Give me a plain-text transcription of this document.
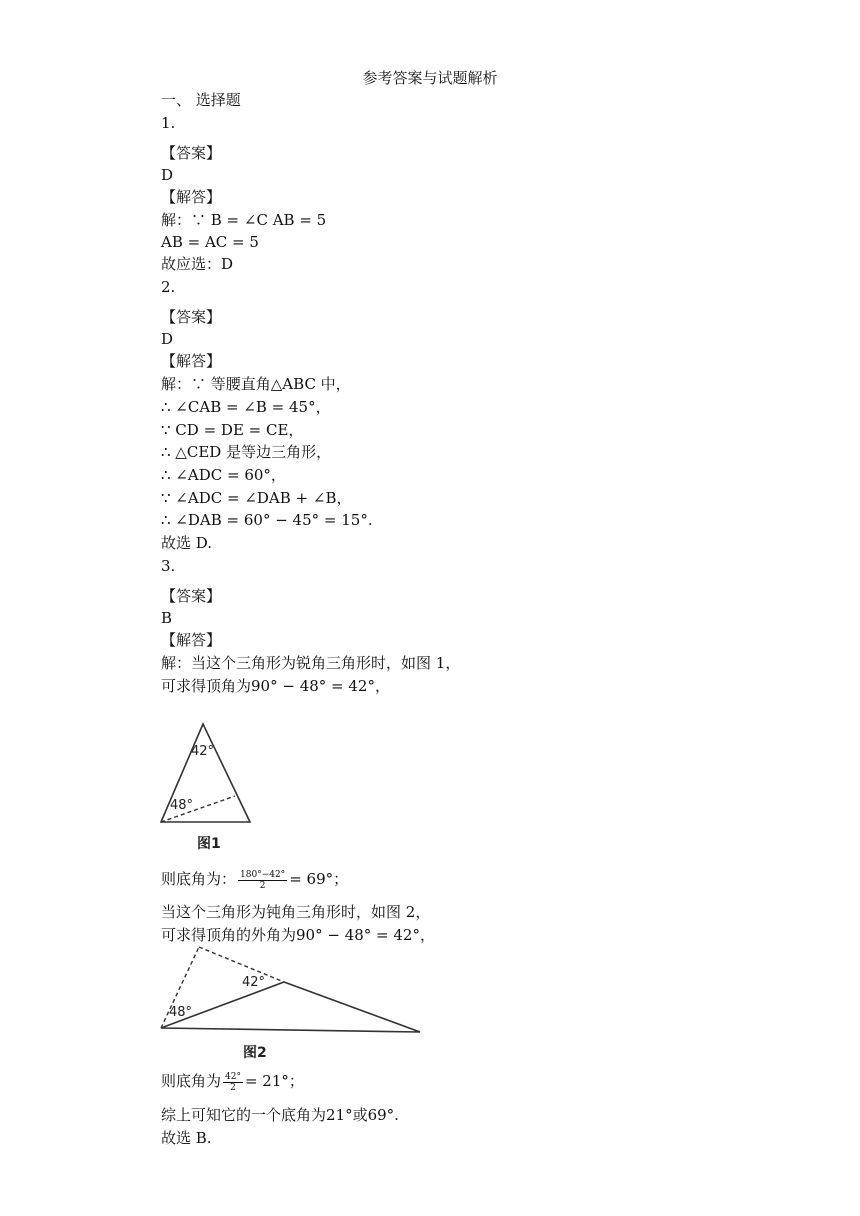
参考答案与试题解析
一、 选择题
1.
【答案】
D
【解答】
解：∵ B = ∠C AB = 5
AB = AC = 5
故应选：D
2.
【答案】
D
【解答】
解：∵ 等腰直角△ABC 中，
∴ ∠CAB = ∠B = 45°，
∵ CD = DE = CE，
∴ △CED 是等边三角形，
∴ ∠ADC = 60°，
∵ ∠ADC = ∠DAB + ∠B，
∴ ∠DAB = 60° − 45° = 15°.
故选 D.
3.
【答案】
B
【解答】
解：当这个三角形为锐角三角形时，如图 1，
可求得顶角为90° − 48° = 42°，
42°
48°
图1
则底角为： $\frac{180^\circ-42^\circ}{2} = 69^\circ$；
当这个三角形为钝角三角形时，如图 2，
可求得顶角的外角为90° − 48° = 42°，
42°
48°
图2
则底角为 $\frac{42^\circ}{2} = 21^\circ$；
综上可知它的一个底角为21°或69°.
故选 B.
